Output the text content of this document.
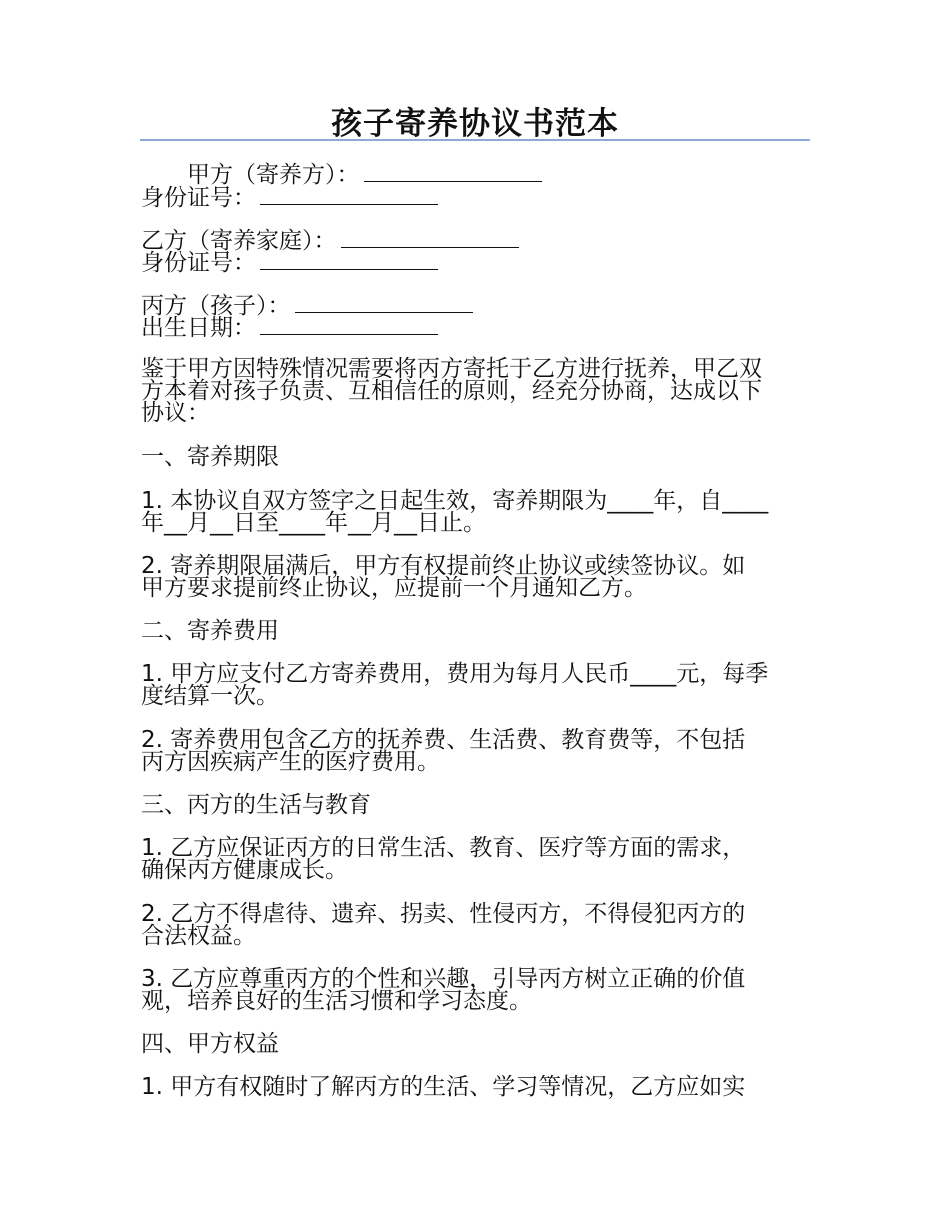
孩子寄养协议书范本
甲方（寄养方）：
身份证号：
乙方（寄养家庭）：
身份证号：
丙方（孩子）：
出生日期：
鉴于甲方因特殊情况需要将丙方寄托于乙方进行抚养，甲乙双
方本着对孩子负责、互相信任的原则，经充分协商，达成以下
协议：
一、寄养期限
1. 本协议自双方签字之日起生效，寄养期限为____年，自____
年__月__日至____年__月__日止。
2. 寄养期限届满后，甲方有权提前终止协议或续签协议。如
甲方要求提前终止协议，应提前一个月通知乙方。
二、寄养费用
1. 甲方应支付乙方寄养费用，费用为每月人民币____元，每季
度结算一次。
2. 寄养费用包含乙方的抚养费、生活费、教育费等，不包括
丙方因疾病产生的医疗费用。
三、丙方的生活与教育
1. 乙方应保证丙方的日常生活、教育、医疗等方面的需求，
确保丙方健康成长。
2. 乙方不得虐待、遗弃、拐卖、性侵丙方，不得侵犯丙方的
合法权益。
3. 乙方应尊重丙方的个性和兴趣，引导丙方树立正确的价值
观，培养良好的生活习惯和学习态度。
四、甲方权益
1. 甲方有权随时了解丙方的生活、学习等情况，乙方应如实
